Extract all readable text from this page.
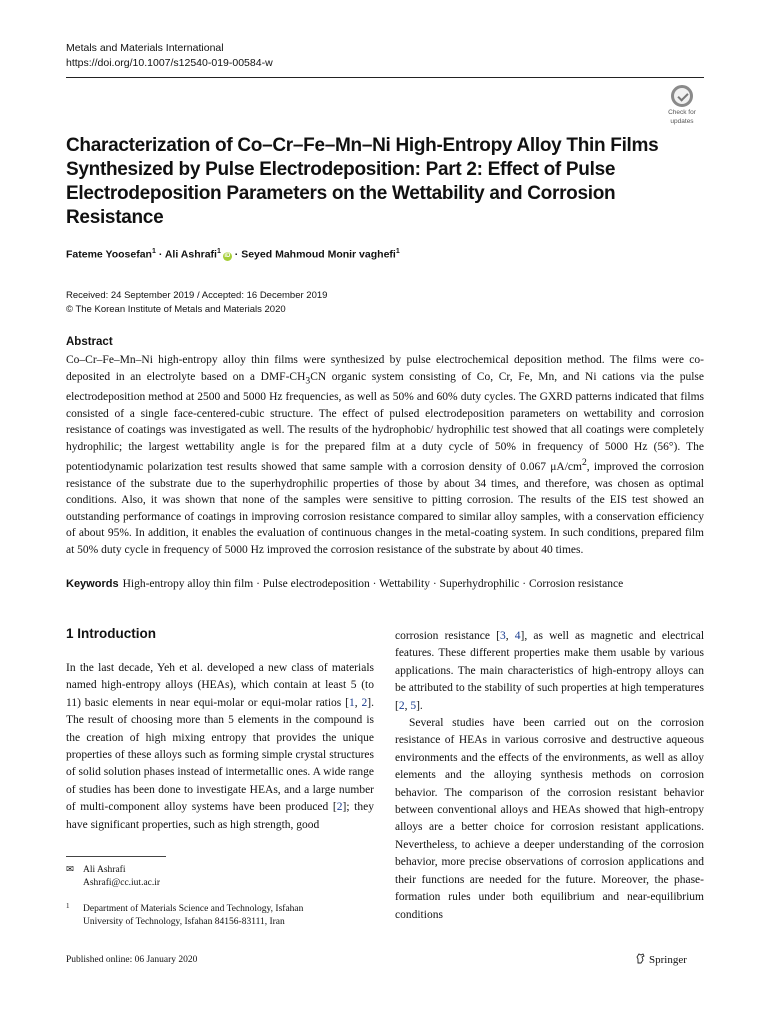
Metals and Materials International
https://doi.org/10.1007/s12540-019-00584-w
Check for
updates
Characterization of Co–Cr–Fe–Mn–Ni High-Entropy Alloy Thin Films Synthesized by Pulse Electrodeposition: Part 2: Effect of Pulse Electrodeposition Parameters on the Wettability and Corrosion Resistance
Fateme Yoosefan$^1$ · Ali Ashrafi$^1$iD · Seyed Mahmoud Monir vaghefi$^1$
Received: 24 September 2019 / Accepted: 16 December 2019
© The Korean Institute of Metals and Materials 2020
Abstract
Co–Cr–Fe–Mn–Ni high-entropy alloy thin films were synthesized by pulse electrochemical deposition method. The films were co-deposited in an electrolyte based on a DMF-$CH_3CN$ organic system consisting of Co, Cr, Fe, Mn, and Ni cations via the pulse electrodeposition method at 2500 and 5000 Hz frequencies, as well as 50% and 60% duty cycles. The GXRD patterns indicated that films consisted of a single face-centered-cubic structure. The effect of pulsed electrodeposition parameters on wettability and corrosion resistance of coatings was investigated as well. The results of the hydrophobic/ hydrophilic test showed that all coatings were completely hydrophilic; the largest wettability angle is for the prepared film at a duty cycle of 50% in frequency of 5000 Hz (56°). The potentiodynamic polarization test results showed that same sample with a corrosion density of 0.067 $\mu A/cm^2$, improved the corrosion resistance of the substrate due to the superhydrophilic properties of those by about 34 times, and therefore, was chosen as optimal conditions. Also, it was shown that none of the samples were sensitive to pitting corrosion. The results of the EIS test showed an outstanding performance of coatings in improving corrosion resistance compared to similar alloy samples, with a conservation efficiency of about 95%. In addition, it enables the evaluation of continuous changes in the metal-coating system. In such conditions, prepared film at 50% duty cycle in frequency of 5000 Hz improved the corrosion resistance of the substrate by about 40 times.
Keywords High-entropy alloy thin film · Pulse electrodeposition · Wettability · Superhydrophilic · Corrosion resistance
1 Introduction
In the last decade, Yeh et al. developed a new class of materials named high-entropy alloys (HEAs), which contain at least 5 (to 11) basic elements in near equi-molar or equi-molar ratios [1, 2]. The result of choosing more than 5 elements in the compound is the creation of high mixing entropy that provides the unique properties of these alloys such as forming simple crystal structures of solid solution phases instead of intermetallic ones. A wide range of studies has been done to investigate HEAs, and a large number of multi-component alloy systems have been produced [2]; they have significant properties, such as high strength, good

corrosion resistance [3, 4], as well as magnetic and electrical features. These different properties make them usable by various applications. The main characteristics of high-entropy alloys can be attributed to the stability of such properties at high temperatures [2, 5].

Several studies have been carried out on the corrosion resistance of HEAs in various corrosive and destructive aqueous environments and the effects of the environments, as well as alloy elements and the alloying synthesis methods on corrosion behavior. The comparison of the corrosion resistant behavior between conventional alloys and HEAs showed that high-entropy alloys are a better choice for corrosion resistant applications. Nevertheless, to achieve a deeper understanding of the corrosion behavior, more precise observations of corrosion applications and their functions are needed for the future. Moreover, the phase-formation rules under both equilibrium and near-equilibrium conditions

✉ Ali Ashrafi
Ashrafi@cc.iut.ac.ir
1 Department of Materials Science and Technology, Isfahan
University of Technology, Isfahan 84156-83111, Iran
Published online: 06 January 2020	Springer
